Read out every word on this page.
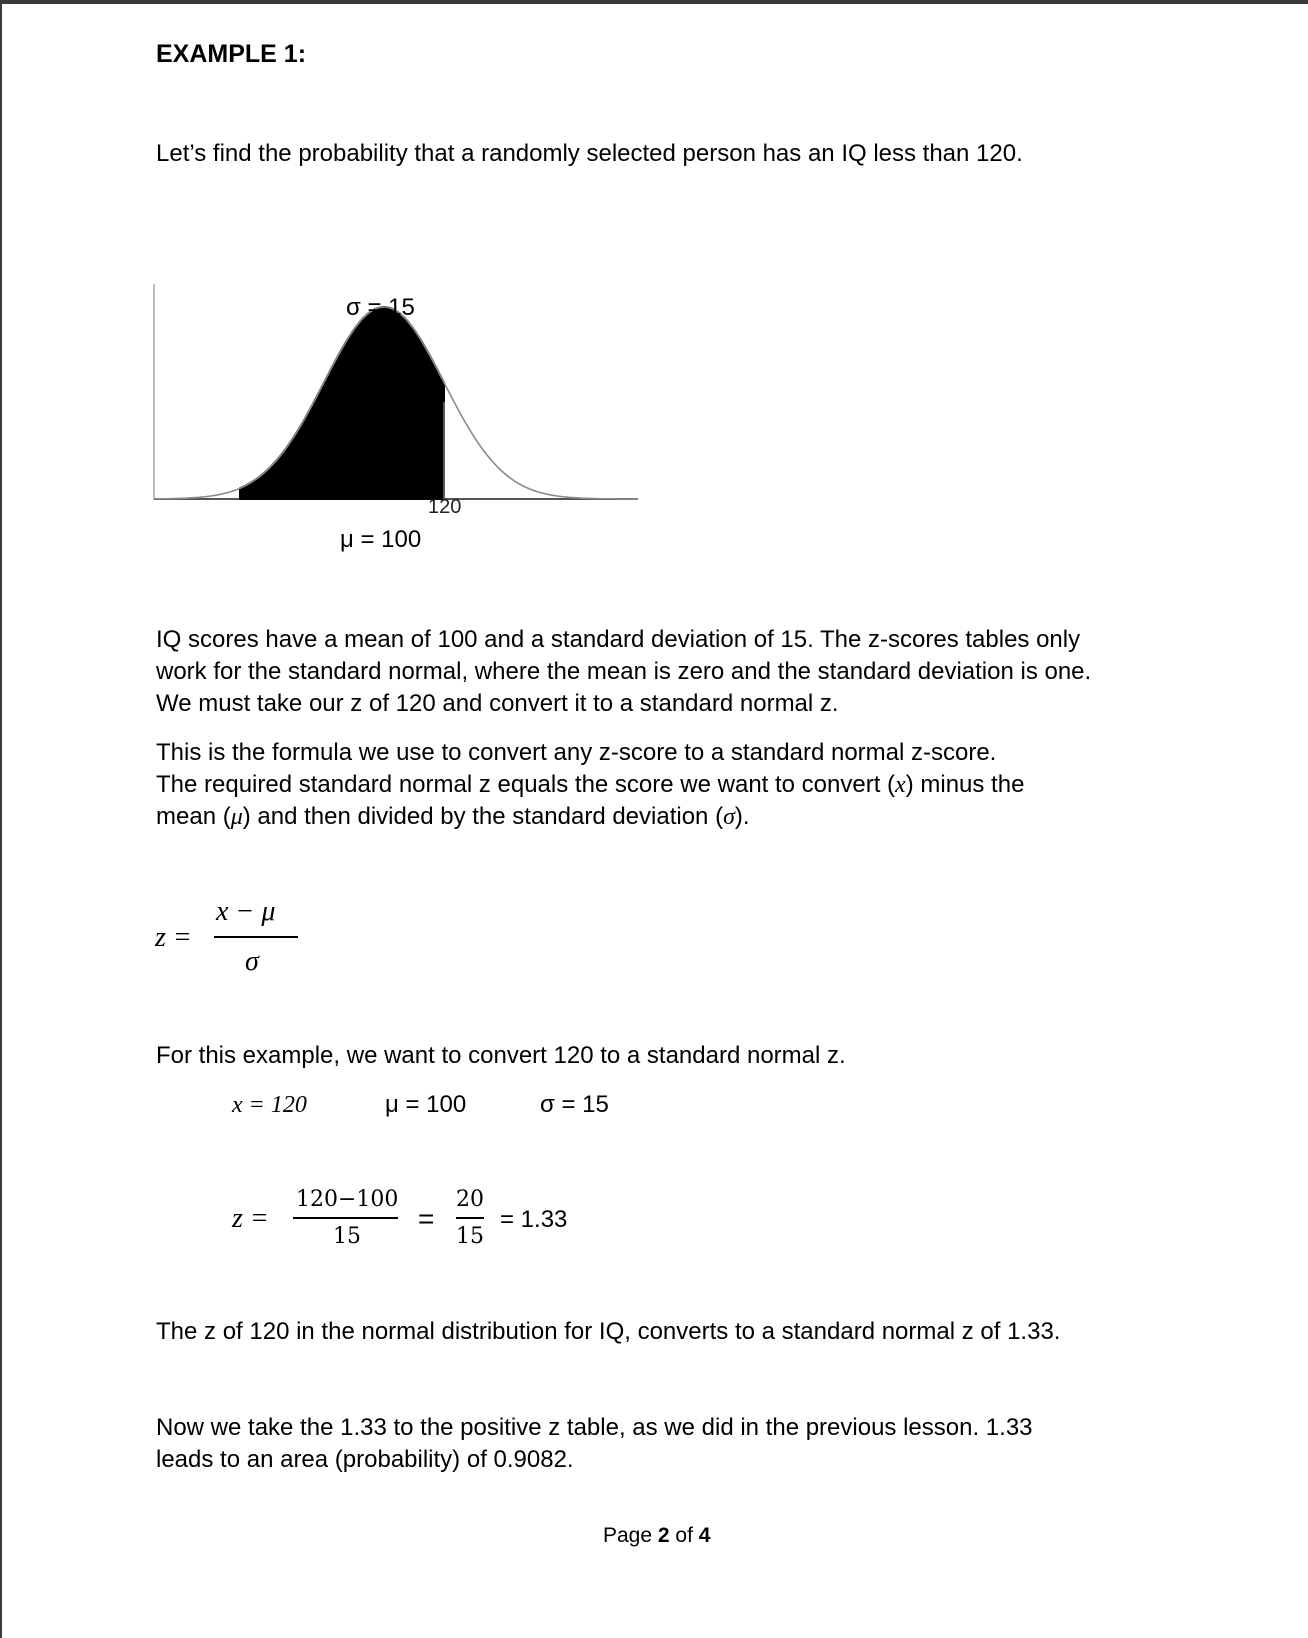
EXAMPLE 1:
Let’s find the probability that a randomly selected person has an IQ less than 120.
σ = 15
120
μ = 100
IQ scores have a mean of 100 and a standard deviation of 15. The z-scores tables only
work for the standard normal, where the mean is zero and the standard deviation is one.
We must take our z of 120 and convert it to a standard normal z.
This is the formula we use to convert any z-score to a standard normal z-score.
The required standard normal z equals the score we want to convert (x) minus the
mean (μ) and then divided by the standard deviation (σ).
z =
x − μ
σ
For this example, we want to convert 120 to a standard normal z.
x = 120	μ = 100	σ = 15
z =
120−100
15
=
20
15
= 1.33
The z of 120 in the normal distribution for IQ, converts to a standard normal z of 1.33.
Now we take the 1.33 to the positive z table, as we did in the previous lesson. 1.33
leads to an area (probability) of 0.9082.
Page 2 of 4
